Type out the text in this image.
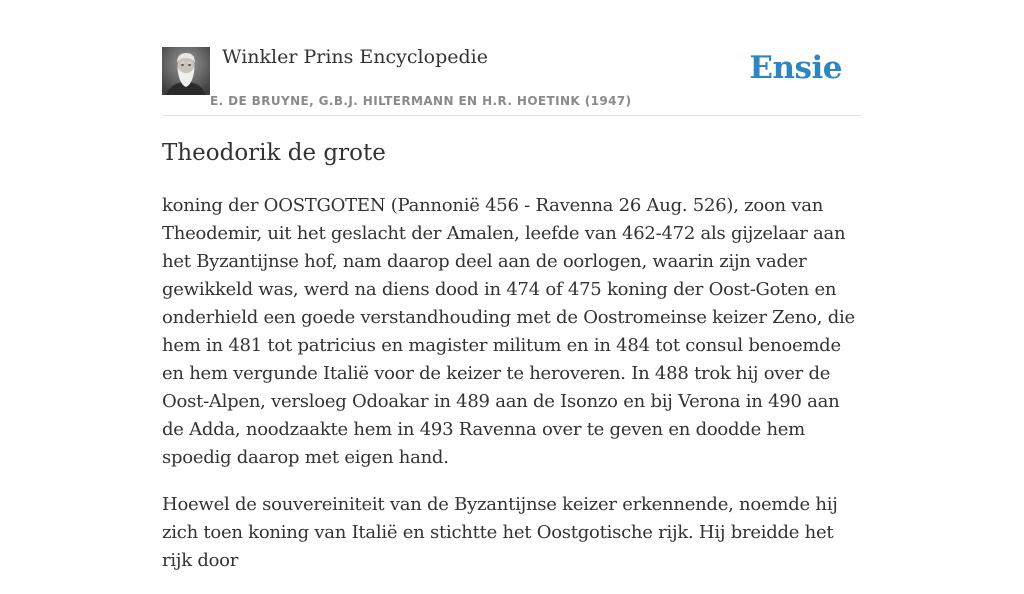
Winkler Prins Encyclopedie
E. DE BRUYNE, G.B.J. HILTERMANN EN H.R. HOETINK (1947)
Ensie
Theodorik de grote

koning der OOSTGOTEN (Pannonië 456 - Ravenna 26 Aug. 526), zoon van Theodemir, uit het geslacht der Amalen, leefde van 462-472 als gijzelaar aan het Byzantijnse hof, nam daarop deel aan de oorlogen, waarin zijn vader gewikkeld was, werd na diens dood in 474 of 475 koning der Oost-Goten en onderhield een goede verstandhouding met de Oostromeinse keizer Zeno, die hem in 481 tot patricius en magister militum en in 484 tot consul benoemde en hem vergunde Italië voor de keizer te heroveren. In 488 trok hij over de Oost-Alpen, versloeg Odoakar in 489 aan de Isonzo en bij Verona in 490 aan de Adda, noodzaakte hem in 493 Ravenna over te geven en doodde hem spoedig daarop met eigen hand.

Hoewel de souvereiniteit van de Byzantijnse keizer erkennende, noemde hij zich toen koning van Italië en stichtte het Oostgotische rijk. Hij breidde het rijk door
